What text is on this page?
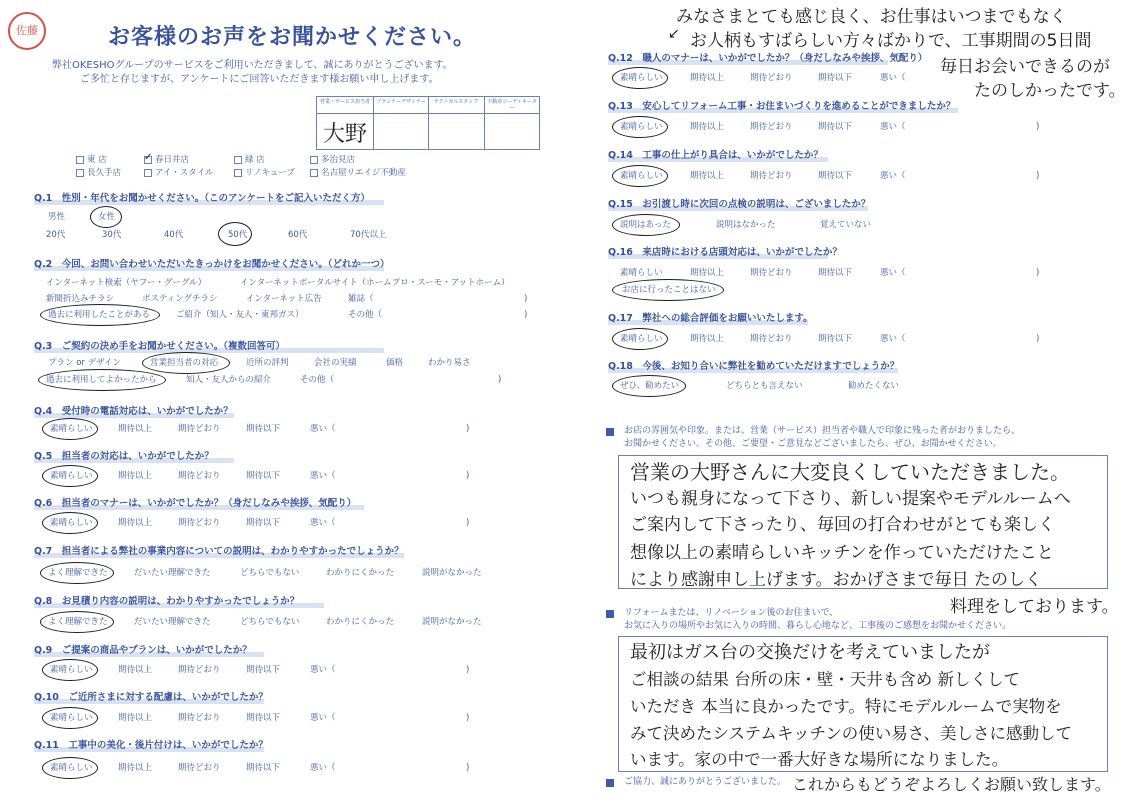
佐藤	お客様のお声をお聞かせください。
弊社OKESHOグループのサービスをご利用いただきまして、誠にありがとうございます。
ご多忙と存じますが、アンケートにご回答いただきます様お願い申し上げます。
営業・サービス担当者 プランナーデザイナー	テクニカルスタッフ	不動産コーディネーター
大野
東 店	✓ 春日井店	緑 店	多治見店
長久手店	アイ・スタイル	リノキューブ	名古屋リエイジ不動産
Q.1　性別・年代をお聞かせください。（このアンケートをご記入いただく方）
男性	女性
20代	30代	40代	50代	60代	70代以上
Q.2　今回、お問い合わせいただいたきっかけをお聞かせください。（どれか一つ）
インターネット検索（ヤフー・グーグル）	インターネットポータルサイト（ホームプロ・スーモ・アットホーム）
新聞折込みチラシ	ポスティングチラシ	インターネット広告	雑誌（	)
過去に利用したことがある	ご紹介（知人・友人・東邦ガス）	その他（	)
Q.3　ご契約の決め手をお聞かせください。（複数回答可）
プラン or デザイン	営業担当者の対応	近所の評判	会社の実績	価格	わかり易さ
過去に利用してよかったから	知人・友人からの紹介	その他（	)
Q.4　受付時の電話対応は、いかがでしたか？
素晴らしい	期待以上	期待どおり	期待以下	悪い（	)
Q.5　担当者の対応は、いかがでしたか？
素晴らしい	期待以上	期待どおり	期待以下	悪い（	)
Q.6　担当者のマナーは、いかがでしたか？（身だしなみや挨拶、気配り）
素晴らしい	期待以上	期待どおり	期待以下	悪い（	)
Q.7　担当者による弊社の事業内容についての説明は、わかりやすかったでしょうか？
よく理解できた	だいたい理解できた	どちらでもない	わかりにくかった	説明がなかった
Q.8　お見積り内容の説明は、わかりやすかったでしょうか？
よく理解できた	だいたい理解できた	どちらでもない	わかりにくかった	説明がなかった
Q.9　ご提案の商品やプランは、いかがでしたか？
素晴らしい	期待以上	期待どおり	期待以下	悪い（	)
Q.10　ご近所さまに対する配慮は、いかがでしたか？
素晴らしい	期待以上	期待どおり	期待以下	悪い（	)
Q.11　工事中の美化・後片付けは、いかがでしたか？
素晴らしい	期待以上	期待どおり	期待以下	悪い（	)
みなさまとても感じ良く、お仕事はいつまでもなく
↙ お人柄もすばらしい方々ばかりで、工事期間の5日間
毎日お会いできるのが
たのしかったです。
Q.12　職人のマナーは、いかがでしたか？（身だしなみや挨拶、気配り）
素晴らしい	期待以上	期待どおり	期待以下	悪い（
Q.13　安心してリフォーム工事・お住まいづくりを進めることができましたか？
素晴らしい	期待以上	期待どおり	期待以下	悪い（	)
Q.14　工事の仕上がり具合は、いかがでしたか？
素晴らしい	期待以上	期待どおり	期待以下	悪い（	)
Q.15　お引渡し時に次回の点検の説明は、ございましたか？
説明はあった	説明はなかった	覚えていない
Q.16　来店時における店頭対応は、いかがでしたか？
素晴らしい	期待以上	期待どおり	期待以下	悪い（	)
お店に行ったことはない
Q.17　弊社への総合評価をお願いいたします。
素晴らしい	期待以上	期待どおり	期待以下	悪い（	)
Q.18　今後、お知り合いに弊社を勧めていただけますでしょうか？
ぜひ、勧めたい	どちらとも言えない	勧めたくない
お店の雰囲気や印象。または、営業（サービス）担当者や職人で印象に残った者がおりましたら、
お聞かせください。その他、ご要望・ご意見などございましたら、ぜひ、お聞かせください。
営業の大野さんに大変良くしていただきました。
いつも親身になって下さり、新しい提案やモデルルームへ
ご案内して下さったり、毎回の打合わせがとても楽しく
想像以上の素晴らしいキッチンを作っていただけたこと
により感謝申し上げます。おかげさまで毎日 たのしく
料理をしております。
リフォームまたは、リノベーション後のお住まいで、
お気に入りの場所やお気に入りの時間、暮らし心地など、工事後のご感想をお聞かせください。
最初はガス台の交換だけを考えていましたが
ご相談の結果 台所の床・壁・天井も含め 新しくして
いただき 本当に良かったです。特にモデルルームで実物を
みて決めたシステムキッチンの使い易さ、美しさに感動して
います。家の中で一番大好きな場所になりました。
ご協力、誠にありがとうございました。 これからもどうぞよろしくお願い致します。
